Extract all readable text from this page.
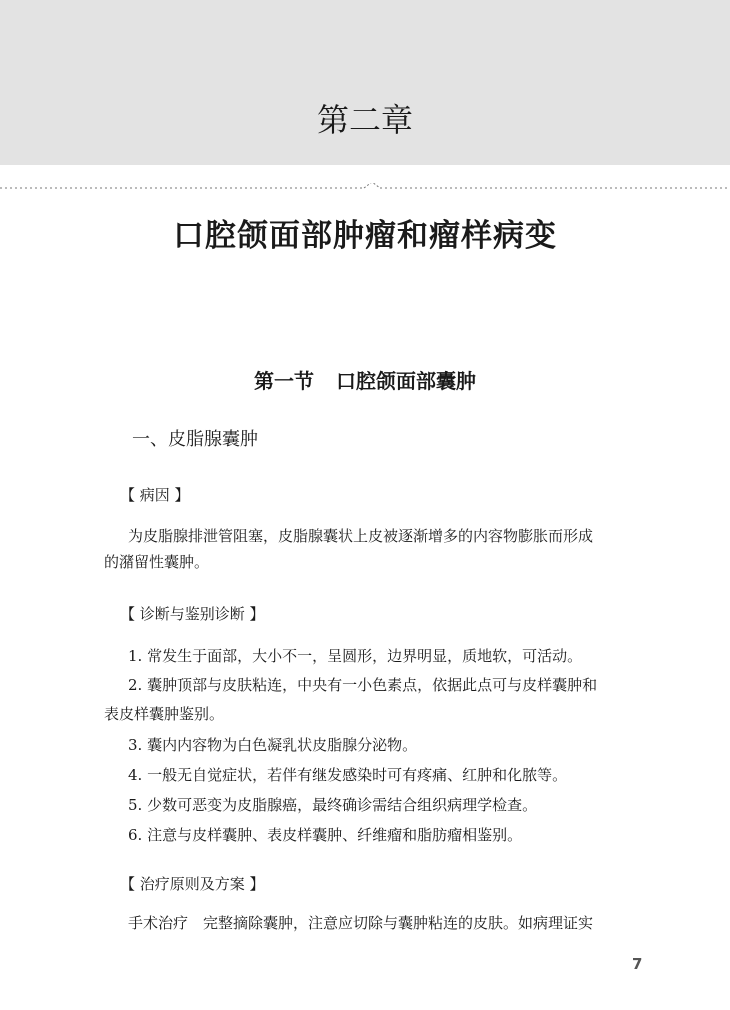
第二章
口腔颌面部肿瘤和瘤样病变
第一节 口腔颌面部囊肿
一、皮脂腺囊肿
【 病因 】
为皮脂腺排泄管阻塞，皮脂腺囊状上皮被逐渐增多的内容物膨胀而形成
的潴留性囊肿。
【 诊断与鉴别诊断 】
1. 常发生于面部，大小不一，呈圆形，边界明显，质地软，可活动。
2. 囊肿顶部与皮肤粘连，中央有一小色素点，依据此点可与皮样囊肿和
表皮样囊肿鉴别。
3. 囊内内容物为白色凝乳状皮脂腺分泌物。
4. 一般无自觉症状，若伴有继发感染时可有疼痛、红肿和化脓等。
5. 少数可恶变为皮脂腺癌，最终确诊需结合组织病理学检查。
6. 注意与皮样囊肿、表皮样囊肿、纤维瘤和脂肪瘤相鉴别。
【 治疗原则及方案 】
手术治疗　完整摘除囊肿，注意应切除与囊肿粘连的皮肤。如病理证实
7
